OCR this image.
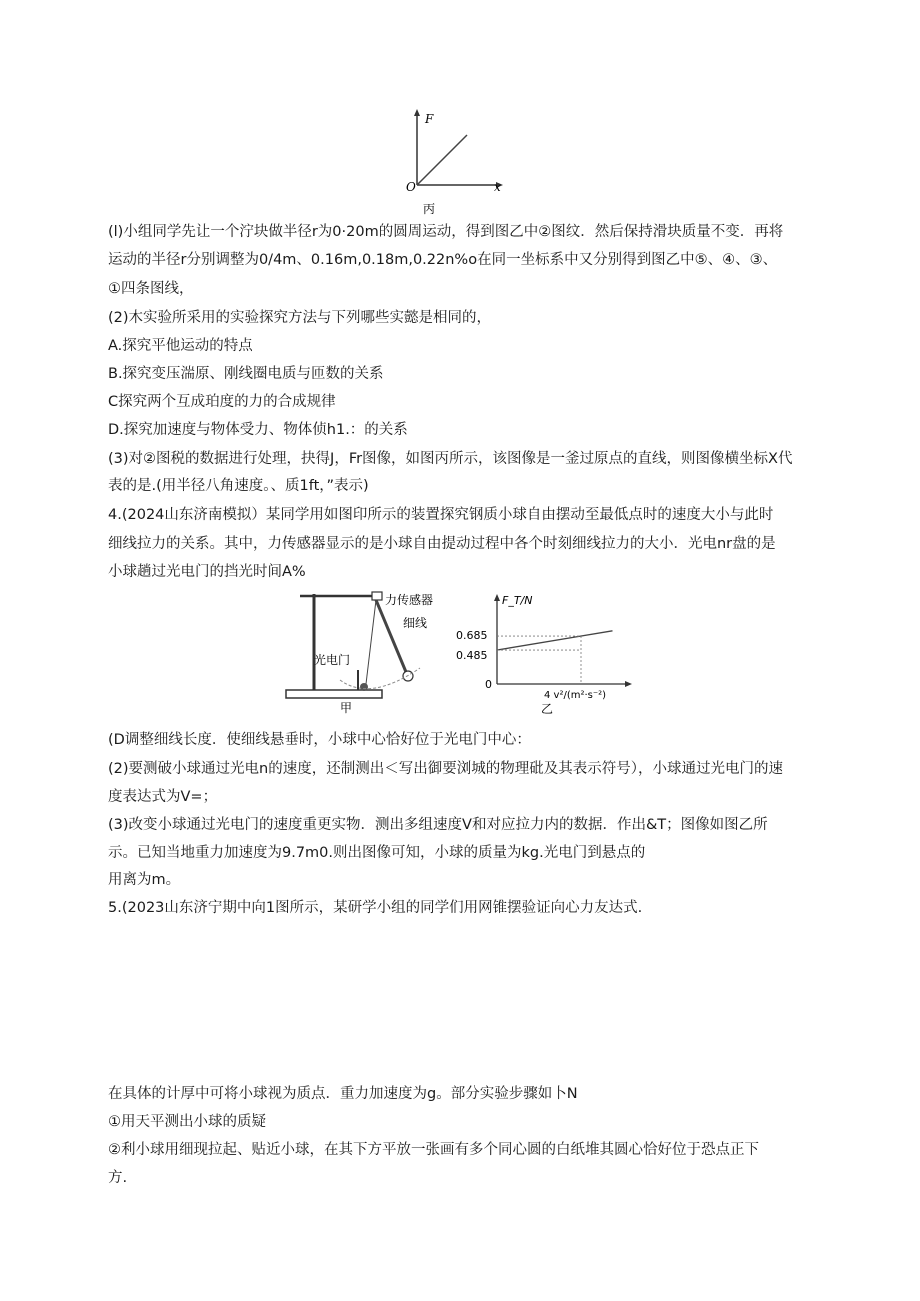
F
O	x
丙
(l)小组同学先让一个泞块做半径r为0·20m的圆周运动，得到图乙中②图纹．然后保持滑块质量不变．再将
运动的半径r分别调整为0/4m、0.16m,0.18m,0.22n%o在同一坐标系中又分别得到图乙中⑤、④、③、
①四条图线，
(2)木实验所采用的实验探究方法与下列哪些实懿是相同的，
A.探究平他运动的特点
B.探究变压湍原、刚线圈电质与匝数的关系
C探究两个互成珀度的力的合成规律
D.探究加速度与物体受力、物体侦h1.：的关系
(3)对②图税的数据进行处理，抉得J，Fr图像，如图丙所示，该图像是一釜过原点的直线，则图像横坐标X代
表的是.(用半径八角速度。、质1ft，”表示)
4.(2024山东济南模拟）某同学用如图印所示的装置探究钢质小球自由摆动至最低点时的速度大小与此时
细线拉力的关系。其中，力传感器显示的是小球自由提动过程中各个时刻细线拉力的大小．光电nr盘的是
小球趟过光电门的挡光时间A%
力传感器
细线
光电门
甲
F_T/N
0.685
0.485
0
4 v²/(m²·s⁻²)
乙
(D调整细线长度．使细线悬垂时，小球中心恰好位于光电门中心：
(2)要测破小球通过光电n的速度，还制测出＜写出御要浏城的物理砒及其表示符号），小球通过光电门的速
度表达式为V=；
(3)改变小球通过光电门的速度重更实物．测出多组速度V和对应拉力内的数据．作出&T；图像如图乙所
示。已知当地重力加速度为9.7m0.则出图像可知，小球的质量为kg.光电门到悬点的
用离为m。
5.(2023山东济宁期中向1图所示，某研学小组的同学们用网锥摆验证向心力友达式.
在具体的计厚中可将小球视为质点．重力加速度为g。部分实验步骤如卜N
①用天平测出小球的质疑
②利小球用细现拉起、贴近小球，在其下方平放一张画有多个同心圆的白纸堆其圆心恰好位于恐点正下
方.
